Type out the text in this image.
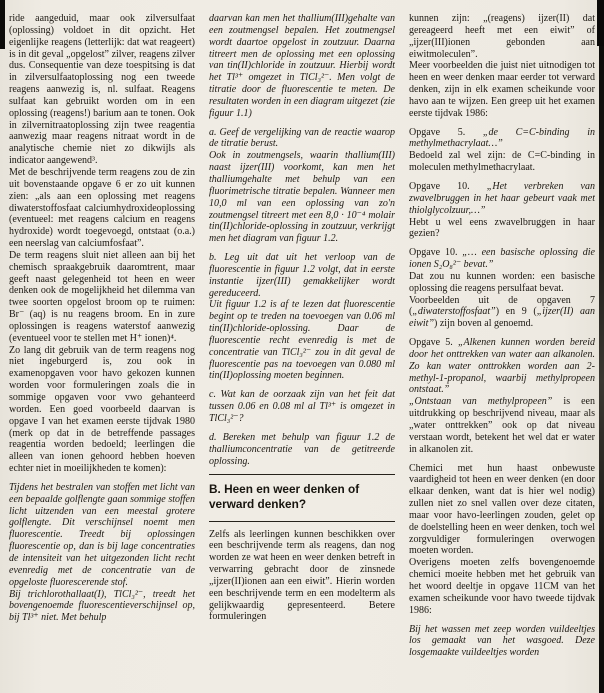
ride aangeduid, maar ook zilversulfaat (oplossing) voldoet in dit opzicht. Het eigenlijke reagens (letterlijk: dat wat reageert) is in dit geval „opgelost” zilver, reagens zilver dus. Consequentie van deze toespitsing is dat in zilversulfaatoplossing nog een tweede reagens aanwezig is, nl. sulfaat. Reagens sulfaat kan gebruikt worden om in een oplossing (reagens!) barium aan te tonen. Ook in zilvernitraatoplossing zijn twee reagentia aanwezig maar reagens nitraat wordt in de analytische chemie niet zo dikwijls als indicator aangewend³.

Met de beschrijvende term reagens zou de zin uit bovenstaande opgave 6 er zo uit kunnen zien: „als aan een oplossing met reagens diwaterstoffosfaat calciumhydroxideoplossing (eventueel: met reagens calcium en reagens hydroxide) wordt toegevoegd, ontstaat (o.a.) een neerslag van calciumfosfaat”.

De term reagens sluit niet alleen aan bij het chemisch spraakgebruik daaromtrent, maar geeft naast gelegenheid tot heen en weer denken ook de mogelijkheid het dilemma van twee soorten opgelost broom op te ruimen: Br⁻ (aq) is nu reagens broom. En in zure oplossingen is reagens waterstof aanwezig (eventueel voor te stellen met H⁺ ionen)⁴.

Zo lang dit gebruik van de term reagens nog niet ingeburgerd is, zou ook in examenopgaven voor havo gekozen kunnen worden voor formuleringen zoals die in sommige opgaven voor vwo gehanteerd worden. Een goed voorbeeld daarvan is opgave I van het examen eerste tijdvak 1980 (merk op dat in de betreffende passages reagentia worden bedoeld; leerlingen die alleen van ionen gehoord hebben hoeven echter niet in moeilijkheden te komen):

Tijdens het bestralen van stoffen met licht van een bepaalde golflengte gaan sommige stoffen licht uitzenden van een meestal grotere golflengte. Dit verschijnsel noemt men fluorescentie. Treedt bij oplossingen fluorescentie op, dan is bij lage concentraties de intensiteit van het uitgezonden licht recht evenredig met de concentratie van de opgeloste fluorescerende stof.

Bij trichlorothallaat(I), TlCl₃²⁻, treedt het bovengenoemde fluorescentieverschijnsel op, bij Tl³⁺ niet. Met behulp

daarvan kan men het thallium(III)gehalte van een zoutmengsel bepalen. Het zoutmengsel wordt daartoe opgelost in zoutzuur. Daarna titreert men de oplossing met een oplossing van tin(II)chloride in zoutzuur. Hierbij wordt het Tl³⁺ omgezet in TlCl₃²⁻. Men volgt de titratie door de fluorescentie te meten. De resultaten worden in een diagram uitgezet (zie figuur 1.1)

a. Geef de vergelijking van de reactie waarop de titratie berust.

Ook in zoutmengsels, waarin thallium(III) naast ijzer(III) voorkomt, kan men het thalliumgehalte met behulp van een fluorimetrische titratie bepalen. Wanneer men 10,0 ml van een oplossing van zo'n zoutmengsel titreert met een 8,0 · 10⁻⁴ molair tin(II)chloride-oplossing in zoutzuur, verkrijgt men het diagram van figuur 1.2.

b. Leg uit dat uit het verloop van de fluorescentie in figuur 1.2 volgt, dat in eerste instantie ijzer(III) gemakkelijker wordt gereduceerd.

Uit figuur 1.2 is af te lezen dat fluorescentie begint op te treden na toevoegen van 0.06 ml tin(II)chloride-oplossing. Daar de fluorescentie recht evenredig is met de concentratie van TlCl₃²⁻ zou in dit geval de fluorescentie pas na toevoegen van 0.080 ml tin(II)oplossing moeten beginnen.

c. Wat kan de oorzaak zijn van het feit dat tussen 0.06 en 0.08 ml al Tl³⁺ is omgezet in TlCl₃²⁻?

d. Bereken met behulp van figuur 1.2 de thalliumconcentratie van de getitreerde oplossing.

B. Heen en weer denken of verward denken?

Zelfs als leerlingen kunnen beschikken over een beschrijvende term als reagens, dan nog worden ze wat heen en weer denken betreft in verwarring gebracht door de zinsnede „ijzer(II)ionen aan een eiwit”. Hierin worden een beschrijvende term en een modelterm als gelijkwaardig gepresenteerd. Betere formuleringen

kunnen zijn: „(reagens) ijzer(II) dat gereageerd heeft met een eiwit” of „ijzer(III)ionen gebonden aan eiwitmoleculen”.

Meer voorbeelden die juist niet uitnodigen tot heen en weer denken maar eerder tot verward denken, zijn in elk examen scheikunde voor havo aan te wijzen. Een greep uit het examen eerste tijdvak 1986:

Opgave 5. „de C=C-binding in methylmethacrylaat…”

Bedoeld zal wel zijn: de C=C-binding in moleculen methylmethacrylaat.

Opgave 10. „Het verbreken van zwavelbruggen in het haar gebeurt vaak met thiolglycolzuur,…”

Hebt u wel eens zwavelbruggen in haar gezien?

Opgave 10. „… een basische oplossing die ionen S₂O₈²⁻ bevat.”

Dat zou nu kunnen worden: een basische oplossing die reagens persulfaat bevat.

Voorbeelden uit de opgaven 7 („diwaterstoffosfaat”) en 9 („ijzer(II) aan eiwit”) zijn boven al genoemd.

Opgave 5. „Alkenen kunnen worden bereid door het onttrekken van water aan alkanolen. Zo kan water onttrokken worden aan 2-methyl-1-propanol, waarbij methylpropeen ontstaat.”

„Ontstaan van methylpropeen” is een uitdrukking op beschrijvend niveau, maar als „water onttrekken” ook op dat niveau verstaan wordt, betekent het wel dat er water in alkanolen zit.

Chemici met hun haast onbewuste vaardigheid tot heen en weer denken (en door elkaar denken, want dat is hier wel nodig) zullen niet zo snel vallen over deze citaten, maar voor havo-leerlingen zouden, gelet op de doelstelling heen en weer denken, toch wel zorgvuldiger formuleringen overwogen moeten worden.

Overigens moeten zelfs bovengenoemde chemici moeite hebben met het gebruik van het woord deeltje in opgave 11CM van het examen scheikunde voor havo tweede tijdvak 1986:

Bij het wassen met zeep worden vuildeeltjes los gemaakt van het wasgoed. Deze losgemaakte vuildeeltjes worden
